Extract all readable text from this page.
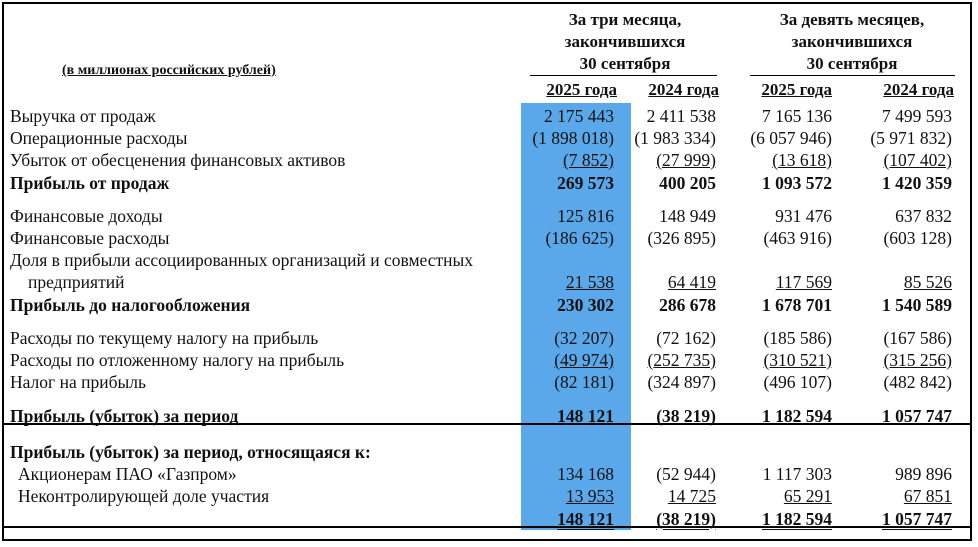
(в миллионах российских рублей)
За три месяца,
закончившихся
30 сентября
За девять месяцев,
закончившихся
30 сентября
2025 года	2024 года	2025 года	2024 года
Выручка от продаж	2 175 443	2 411 538	7 165 136	7 499 593
Операционные расходы	(1 898 018)	(1 983 334)	(6 057 946)	(5 971 832)
Убыток от обесценения финансовых активов	(7 852)	(27 999)	(13 618)	(107 402)
Прибыль от продаж	269 573	400 205	1 093 572	1 420 359
Финансовые доходы	125 816	148 949	931 476	637 832
Финансовые расходы	(186 625)	(326 895)	(463 916)	(603 128)
Доля в прибыли ассоциированных организаций и совместных
предприятий	21 538	64 419	117 569	85 526
Прибыль до налогообложения	230 302	286 678	1 678 701	1 540 589
Расходы по текущему налогу на прибыль	(32 207)	(72 162)	(185 586)	(167 586)
Расходы по отложенному налогу на прибыль	(49 974)	(252 735)	(310 521)	(315 256)
Налог на прибыль	(82 181)	(324 897)	(496 107)	(482 842)
Прибыль (убыток) за период	148 121	(38 219)	1 182 594	1 057 747
Прибыль (убыток) за период, относящаяся к:
Акционерам ПАО «Газпром»	134 168	(52 944)	1 117 303	989 896
Неконтролирующей доле участия	13 953	14 725	65 291	67 851
148 121	(38 219)	1 182 594	1 057 747
